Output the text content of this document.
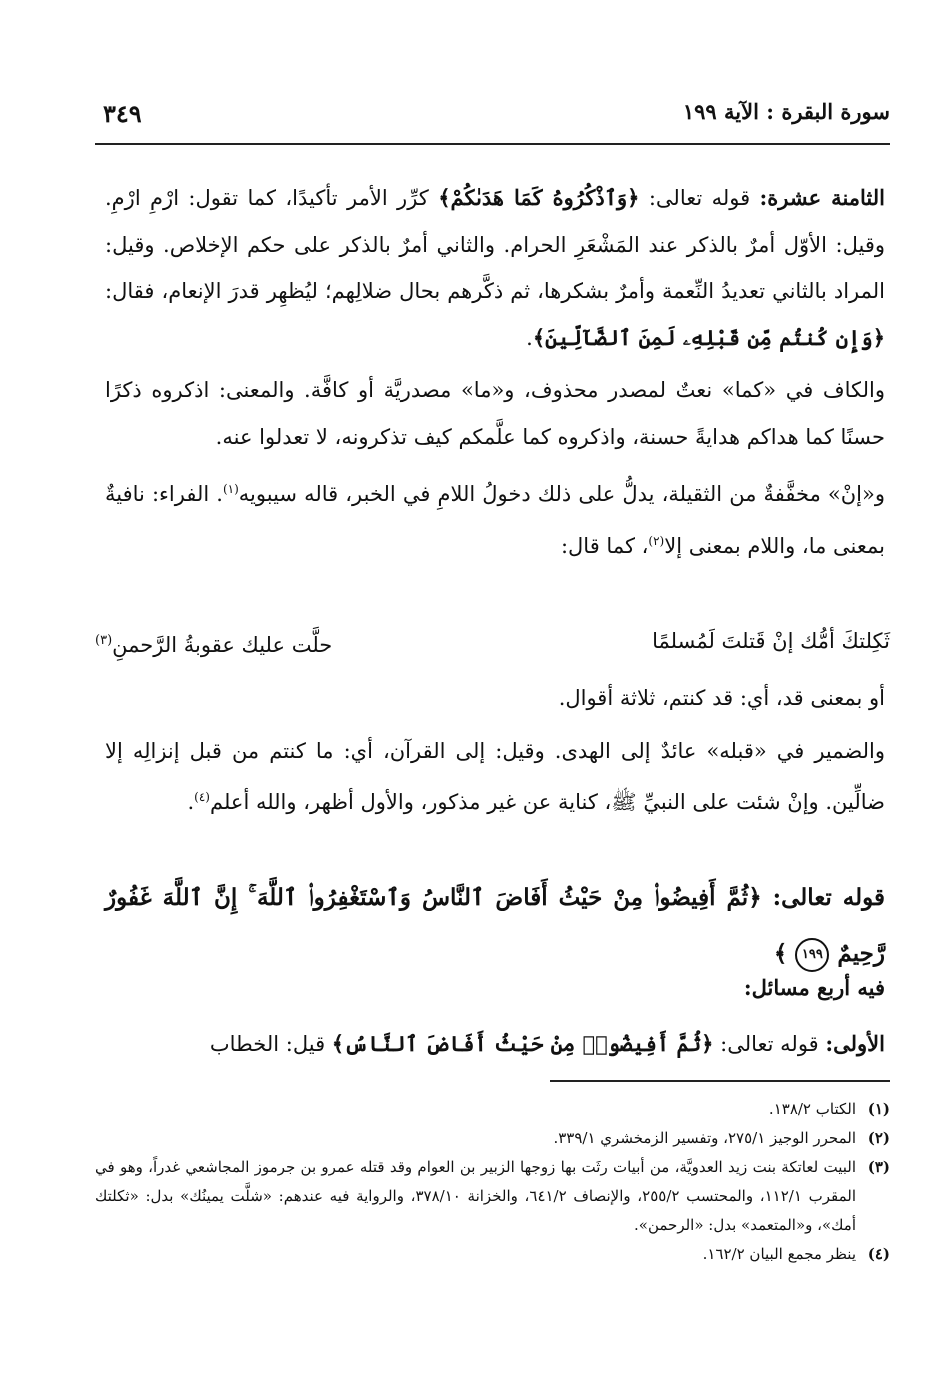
سورة البقرة : الآية ١٩٩
٣٤٩

الثامنة عشرة: قوله تعالى: ﴿وَٱذْكُرُوهُ كَمَا هَدَىٰكُمْ﴾ كرِّر الأمر تأكيدًا، كما تقول: ارْمِ ارْمِ. وقيل: الأوّل أمرٌ بالذكر عند المَشْعَرِ الحرام. والثاني أمرٌ بالذكر على حكم الإخلاص. وقيل: المراد بالثاني تعديدُ النِّعمة وأمرٌ بشكرها، ثم ذكَّرهم بحال ضلالِهم؛ ليُظهِر قدرَ الإنعام، فقال: ﴿وَإِن كُنتُم مِّن قَبْلِهِۦ لَمِنَ ٱلضَّآلِّينَ﴾.

والكاف في «كما» نعتٌ لمصدر محذوف، و«ما» مصدريَّة أو كافَّة. والمعنى: اذكروه ذكرًا حسنًا كما هداكم هدايةً حسنة، واذكروه كما علَّمكم كيف تذكرونه، لا تعدلوا عنه.

و«إنْ» مخفَّفةٌ من الثقيلة، يدلُّ على ذلك دخولُ اللامِ في الخبر، قاله سيبويه$^{(١)}$. الفراء: نافيةٌ بمعنى ما، واللام بمعنى إلا$^{(٢)}$، كما قال:

ثَكِلتكَ أمُّك إنْ قَتلتَ لَمُسلمًا
حلَّت عليك عقوبةُ الرَّحمنِ$^{(٣)}$

أو بمعنى قد، أي: قد كنتم، ثلاثة أقوال.

والضمير في «قبله» عائدٌ إلى الهدى. وقيل: إلى القرآن، أي: ما كنتم من قبل إنزالِه إلا ضالِّين. وإنْ شئت على النبيِّ ﷺ، كناية عن غير مذكور، والأول أظهر، والله أعلم$^{(٤)}$.

قوله تعالى: ﴿ثُمَّ أَفِيضُوا۟ مِنْ حَيْثُ أَفَاضَ ٱلنَّاسُ وَٱسْتَغْفِرُوا۟ ٱللَّهَ ۚ إِنَّ ٱللَّهَ غَفُورٌ رَّحِيمٌ ١٩٩ ﴾
فيه أربع مسائل:
الأولى: قوله تعالى: ﴿ثُمَّ أَفِيضُوا۟ مِنْ حَيْثُ أَفَاضَ ٱلنَّاسُ﴾ قيل: الخطاب
(١)
الكتاب ١٣٨/٢.
(٢)
المحرر الوجيز ٢٧٥/١، وتفسير الزمخشري ٣٣٩/١.
(٣)
البيت لعاتكة بنت زيد العدويَّة، من أبيات رثَت بها زوجها الزبير بن العوام وقد قتله عمرو بن جرموز المجاشعي غدراً، وهو في المقرب ١١٢/١، والمحتسب ٢٥٥/٢، والإنصاف ٦٤١/٢، والخزانة ٣٧٨/١٠، والرواية فيه عندهم: «شلَّت يمينُك» بدل: «ثكلتك أمك»، و«المتعمد» بدل: «الرحمن».
(٤)
ينظر مجمع البيان ١٦٢/٢.
